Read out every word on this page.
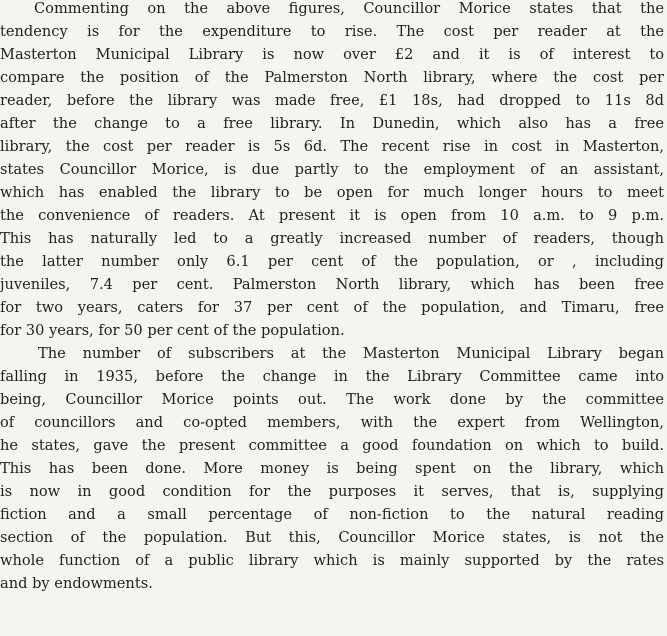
Commenting on the above figures, Councillor Morice states that the
tendency is for the expenditure to rise. The cost per reader at the
Masterton Municipal Library is now over £2 and it is of interest to
compare the position of the Palmerston North library, where the cost per
reader, before the library was made free, £1 18s, had dropped to 11s 8d
after the change to a free library. In Dunedin, which also has a free
library, the cost per reader is 5s 6d. The recent rise in cost in Masterton,
states Councillor Morice, is due partly to the employment of an assistant,
which has enabled the library to be open for much longer hours to meet
the convenience of readers. At present it is open from 10 a.m. to 9 p.m.
This has naturally led to a greatly increased number of readers, though
the latter number only 6.1 per cent of the population, or , including
juveniles, 7.4 per cent. Palmerston North library, which has been free
for two years, caters for 37 per cent of the population, and Timaru, free
for 30 years, for 50 per cent of the population.
The number of subscribers at the Masterton Municipal Library began
falling in 1935, before the change in the Library Committee came into
being, Councillor Morice points out. The work done by the committee
of councillors and co-opted members, with the expert from Wellington,
he states, gave the present committee a good foundation on which to build.
This has been done. More money is being spent on the library, which
is now in good condition for the purposes it serves, that is, supplying
fiction and a small percentage of non-fiction to the natural reading
section of the population. But this, Councillor Morice states, is not the
whole function of a public library which is mainly supported by the rates
and by endowments.
